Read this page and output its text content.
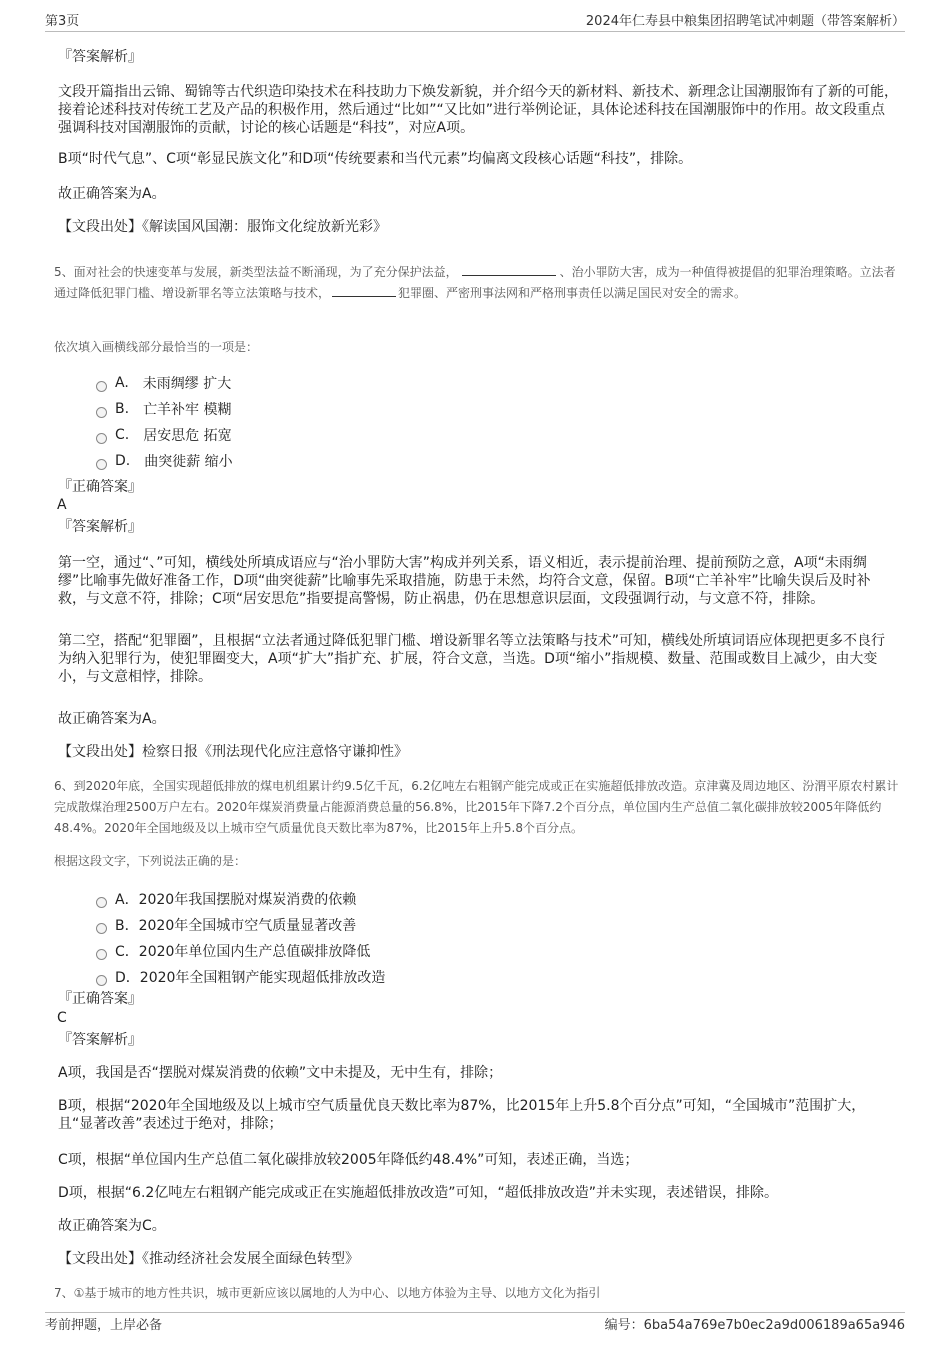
第3页	2024年仁寿县中粮集团招聘笔试冲刺题（带答案解析）
『答案解析』
文段开篇指出云锦、蜀锦等古代织造印染技术在科技助力下焕发新貌，并介绍今天的新材料、新技术、新理念让国潮服饰有了新的可能，接着论述科技对传统工艺及产品的积极作用，然后通过“比如”“又比如”进行举例论证，具体论述科技在国潮服饰中的作用。故文段重点强调科技对国潮服饰的贡献，讨论的核心话题是“科技”，对应A项。
B项“时代气息”、C项“彰显民族文化”和D项“传统要素和当代元素”均偏离文段核心话题“科技”，排除。
故正确答案为A。
【文段出处】《解读国风国潮：服饰文化绽放新光彩》
5、面对社会的快速变革与发展，新类型法益不断涌现，为了充分保护法益，	、治小罪防大害，成为一种值得被提倡的犯罪治理策略。立法者通过降低犯罪门槛、增设新罪名等立法策略与技术，	犯罪圈、严密刑事法网和严格刑事责任以满足国民对安全的需求。
依次填入画横线部分最恰当的一项是：
A. 未雨绸缪 扩大
B. 亡羊补牢 模糊
C. 居安思危 拓宽
D. 曲突徙薪 缩小
『正确答案』
A
『答案解析』
第一空，通过“、”可知，横线处所填成语应与“治小罪防大害”构成并列关系，语义相近，表示提前治理、提前预防之意，A项“未雨绸缪”比喻事先做好准备工作，D项“曲突徙薪”比喻事先采取措施，防患于未然，均符合文意，保留。B项“亡羊补牢”比喻失误后及时补救，与文意不符，排除；C项“居安思危”指要提高警惕，防止祸患，仍在思想意识层面，文段强调行动，与文意不符，排除。
第二空，搭配“犯罪圈”，且根据“立法者通过降低犯罪门槛、增设新罪名等立法策略与技术”可知，横线处所填词语应体现把更多不良行为纳入犯罪行为，使犯罪圈变大，A项“扩大”指扩充、扩展，符合文意，当选。D项“缩小”指规模、数量、范围或数目上减少，由大变小，与文意相悖，排除。
故正确答案为A。
【文段出处】检察日报《刑法现代化应注意恪守谦抑性》
6、到2020年底，全国实现超低排放的煤电机组累计约9.5亿千瓦，6.2亿吨左右粗钢产能完成或正在实施超低排放改造。京津冀及周边地区、汾渭平原农村累计完成散煤治理2500万户左右。2020年煤炭消费量占能源消费总量的56.8%，比2015年下降7.2个百分点，单位国内生产总值二氧化碳排放较2005年降低约48.4%。2020年全国地级及以上城市空气质量优良天数比率为87%，比2015年上升5.8个百分点。
根据这段文字，下列说法正确的是：
A． 2020年我国摆脱对煤炭消费的依赖
B． 2020年全国城市空气质量显著改善
C． 2020年单位国内生产总值碳排放降低
D． 2020年全国粗钢产能实现超低排放改造
『正确答案』
C
『答案解析』
A项，我国是否“摆脱对煤炭消费的依赖”文中未提及，无中生有，排除；
B项，根据“2020年全国地级及以上城市空气质量优良天数比率为87%，比2015年上升5.8个百分点”可知，“全国城市”范围扩大，且“显著改善”表述过于绝对，排除；
C项，根据“单位国内生产总值二氧化碳排放较2005年降低约48.4%”可知，表述正确，当选；
D项，根据“6.2亿吨左右粗钢产能完成或正在实施超低排放改造”可知，“超低排放改造”并未实现，表述错误，排除。
故正确答案为C。
【文段出处】《推动经济社会发展全面绿色转型》
7、①基于城市的地方性共识，城市更新应该以属地的人为中心、以地方体验为主导、以地方文化为指引
考前押题，上岸必备	编号：6ba54a769e7b0ec2a9d006189a65a946
